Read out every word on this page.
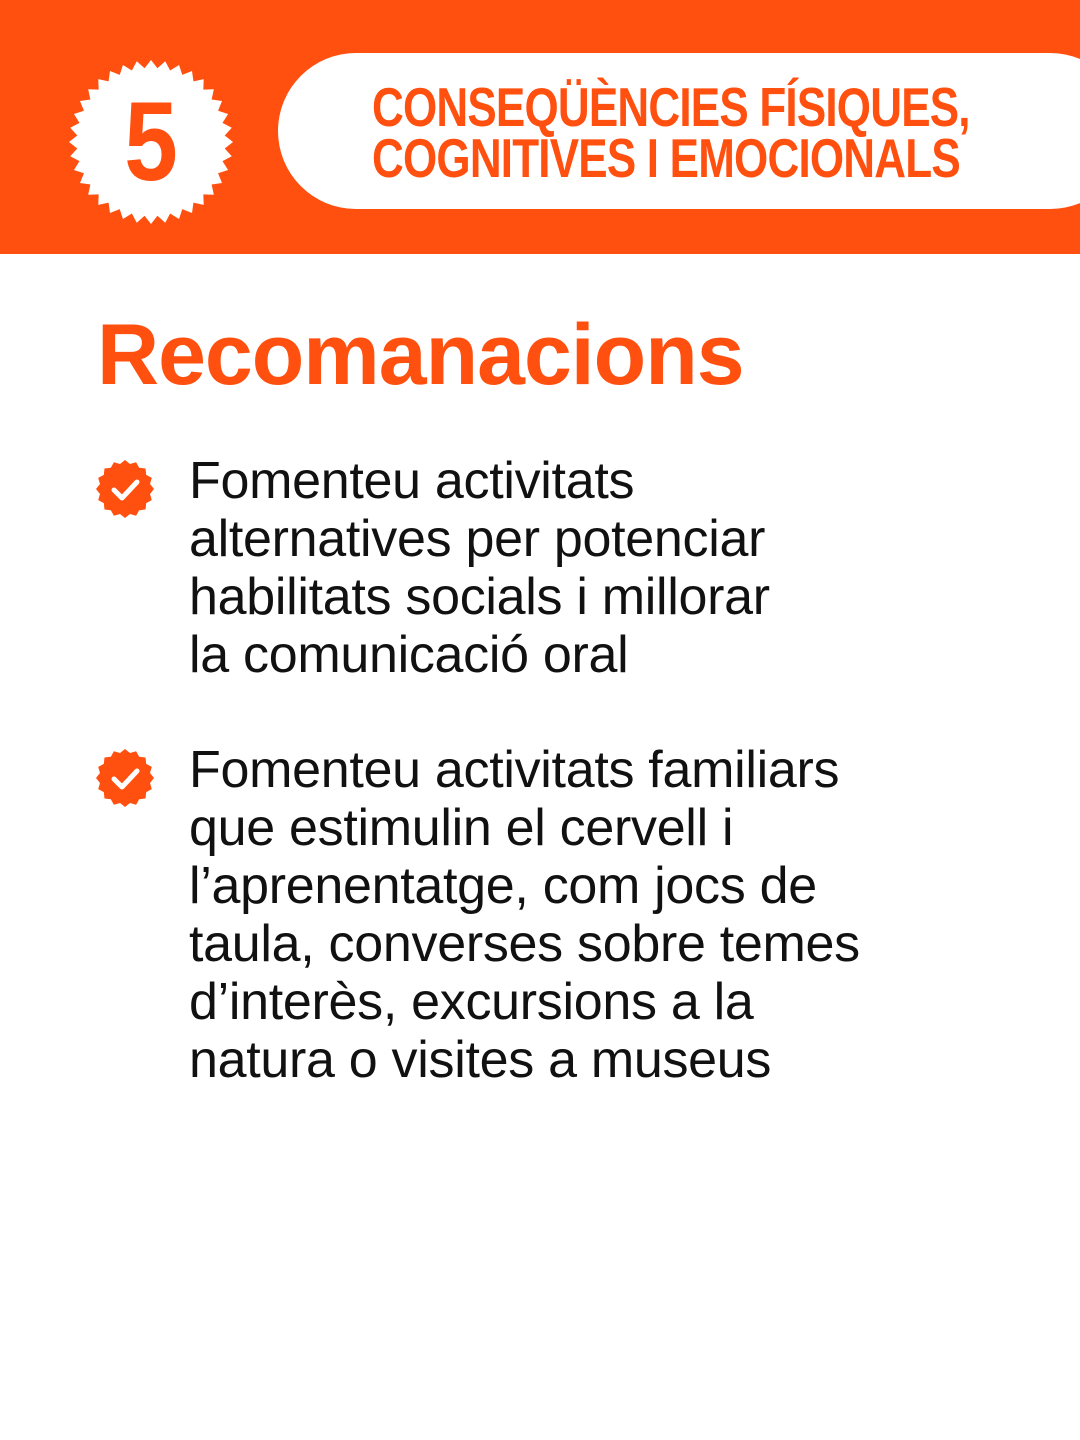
5	CONSEQÜÈNCIES FÍSIQUES,
COGNITIVES I EMOCIONALS
Recomanacions
Fomenteu activitats
alternatives per potenciar
habilitats socials i millorar
la comunicació oral
Fomenteu activitats familiars
que estimulin el cervell i
l’aprenentatge, com jocs de
taula, converses sobre temes
d’interès, excursions a la
natura o visites a museus
